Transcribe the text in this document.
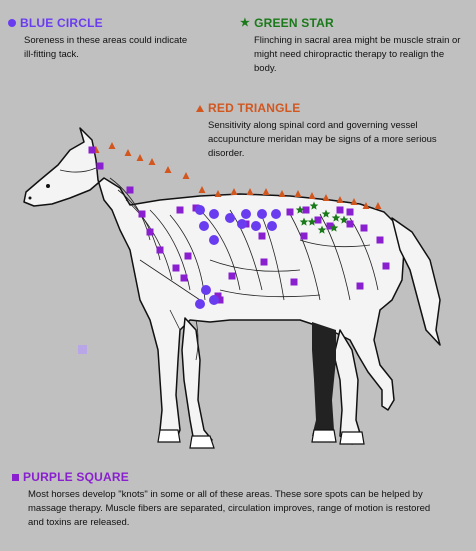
BLUE CIRCLE
Soreness in these areas could indicate ill-fitting tack.
★ GREEN STAR
Flinching in sacral area might be muscle strain or might need chiropractic therapy to realign the body.
RED TRIANGLE
Sensitivity along spinal cord and governing vessel accupuncture meridan may be signs of a more serious disorder.
PURPLE SQUARE
Most horses develop "knots" in some or all of these areas. These sore spots can be helped by massage therapy. Muscle fibers are separated, circulation improves, range of motion is restored and toxins are released.
